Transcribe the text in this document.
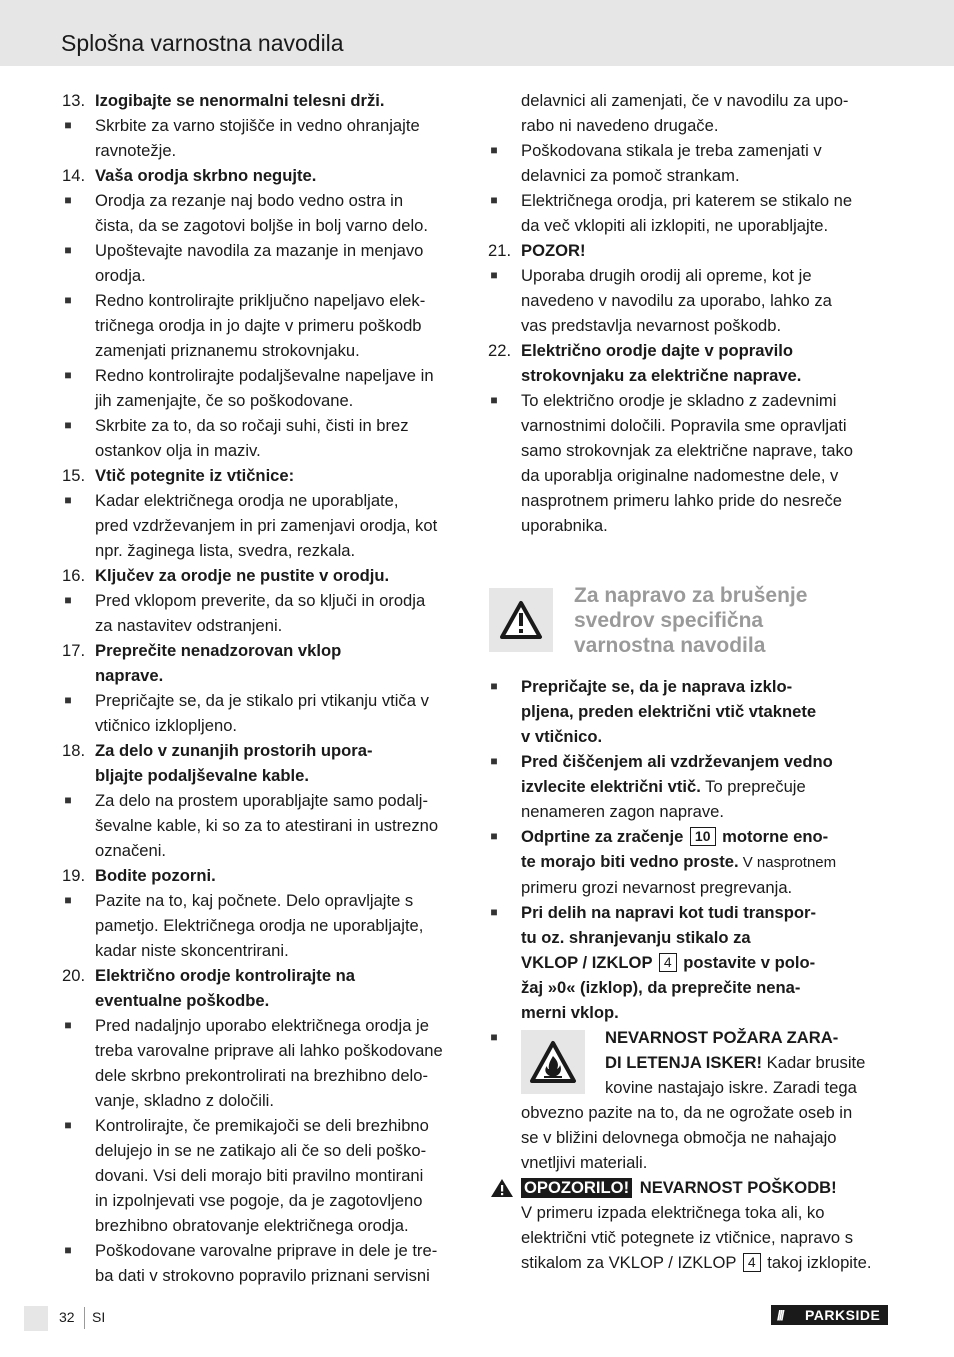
Splošna varnostna navodila
13. Izogibajte se nenormalni telesni drži.
■ Skrbite za varno stojišče in vedno ohranjajte
ravnotežje.
14. Vaša orodja skrbno negujte.
■ Orodja za rezanje naj bodo vedno ostra in
čista, da se zagotovi boljše in bolj varno delo.
■ Upoštevajte navodila za mazanje in menjavo
orodja.
■ Redno kontrolirajte priključno napeljavo elek-
tričnega orodja in jo dajte v primeru poškodb
zamenjati priznanemu strokovnjaku.
■ Redno kontrolirajte podaljševalne napeljave in
jih zamenjajte, če so poškodovane.
■ Skrbite za to, da so ročaji suhi, čisti in brez
ostankov olja in maziv.
15. Vtič potegnite iz vtičnice:
■ Kadar električnega orodja ne uporabljate,
pred vzdrževanjem in pri zamenjavi orodja, kot
npr. žaginega lista, svedra, rezkala.
16. Ključev za orodje ne pustite v orodju.
■ Pred vklopom preverite, da so ključi in orodja
za nastavitev odstranjeni.
17. Preprečite nenadzorovan vklop
naprave.
■ Prepričajte se, da je stikalo pri vtikanju vtiča v
vtičnico izklopljeno.
18. Za delo v zunanjih prostorih upora-
bljajte podaljševalne kable.
■ Za delo na prostem uporabljajte samo podalj-
ševalne kable, ki so za to atestirani in ustrezno
označeni.
19. Bodite pozorni.
■ Pazite na to, kaj počnete. Delo opravljajte s
pametjo. Električnega orodja ne uporabljajte,
kadar niste skoncentrirani.
20. Električno orodje kontrolirajte na
eventualne poškodbe.
■ Pred nadaljnjo uporabo električnega orodja je
treba varovalne priprave ali lahko poškodovane
dele skrbno prekontrolirati na brezhibno delo-
vanje, skladno z določili.
■ Kontrolirajte, če premikajoči se deli brezhibno
delujejo in se ne zatikajo ali če so deli poško-
dovani. Vsi deli morajo biti pravilno montirani
in izpolnjevati vse pogoje, da je zagotovljeno
brezhibno obratovanje električnega orodja.
■ Poškodovane varovalne priprave in dele je tre-
ba dati v strokovno popravilo priznani servisni
delavnici ali zamenjati, če v navodilu za upo-
rabo ni navedeno drugače.
■ Poškodovana stikala je treba zamenjati v
delavnici za pomoč strankam.
■ Električnega orodja, pri katerem se stikalo ne
da več vklopiti ali izklopiti, ne uporabljajte.
21. POZOR!
■ Uporaba drugih orodij ali opreme, kot je
navedeno v navodilu za uporabo, lahko za
vas predstavlja nevarnost poškodb.
22. Električno orodje dajte v popravilo
strokovnjaku za električne naprave.
■ To električno orodje je skladno z zadevnimi
varnostnimi določili. Popravila sme opravljati
samo strokovnjak za električne naprave, tako
da uporablja originalne nadomestne dele, v
nasprotnem primeru lahko pride do nesreče
uporabnika.
Za napravo za brušenje
svedrov specifična
varnostna navodila
■ Prepričajte se, da je naprava izklo-
pljena, preden električni vtič vtaknete
v vtičnico.
■ Pred čiščenjem ali vzdrževanjem vedno
izvlecite električni vtič. To preprečuje
nenameren zagon naprave.
■ Odprtine za zračenje 10 motorne eno-
te morajo biti vedno proste. V nasprotnem
primeru grozi nevarnost pregrevanja.
■ Pri delih na napravi kot tudi transpor-
tu oz. shranjevanju stikalo za
VKLOP / IZKLOP 4 postavite v polo-
žaj »0« (izklop), da preprečite nena-
merni vklop.
■	NEVARNOST POŽARA ZARA-
DI LETENJA ISKER! Kadar brusite
kovine nastajajo iskre. Zaradi tega
obvezno pazite na to, da ne ogrožate oseb in
se v bližini delovnega območja ne nahajajo
vnetljivi materiali.
OPOZORILO! NEVARNOST POŠKODB!
V primeru izpada električnega toka ali, ko
električni vtič potegnete iz vtičnice, napravo s
stikalom za VKLOP / IZKLOP 4 takoj izklopite.
32 SI	/// PARKSIDE
